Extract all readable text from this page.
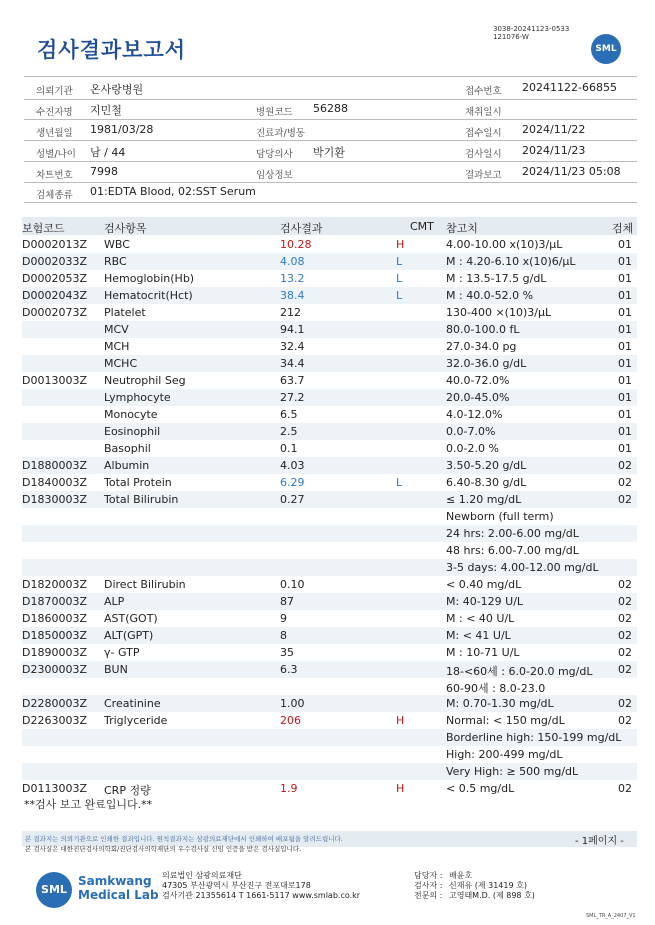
검사결과보고서
3038-20241123-0533
121076-W
SML
의뢰기관 온사랑병원	접수번호 20241122-66855
수진자명 지민철	병원코드 56288	채취일시
생년월일 1981/03/28	진료과/병동	접수일시 2024/11/22
성별/나이 남 / 44	담당의사 박기환	검사일시 2024/11/23
차트번호 7998	임상정보	결과보고 2024/11/23 05:08
검체종류 01:EDTA Blood, 02:SST Serum
보험코드	검사항목	검사결과	CMT 참고치	검체
D0002013Z WBC	10.28	H	4.00-10.00 x(10)3/μL	01
D0002033Z RBC	4.08	L	M : 4.20-6.10 x(10)6/μL	01
D0002053Z Hemoglobin(Hb)	13.2	L	M : 13.5-17.5 g/dL	01
D0002043Z Hematocrit(Hct)	38.4	L	M : 40.0-52.0 %	01
D0002073Z Platelet	212	130-400 ×(10)3/μL	01
MCV	94.1	80.0-100.0 fL	01
MCH	32.4	27.0-34.0 pg	01
MCHC	34.4	32.0-36.0 g/dL	01
D0013003Z Neutrophil Seg	63.7	40.0-72.0%	01
Lymphocyte	27.2	20.0-45.0%	01
Monocyte	6.5	4.0-12.0%	01
Eosinophil	2.5	0.0-7.0%	01
Basophil	0.1	0.0-2.0 %	01
D1880003Z Albumin	4.03	3.50-5.20 g/dL	02
D1840003Z Total Protein	6.29	L	6.40-8.30 g/dL	02
D1830003Z Total Bilirubin	0.27	≤ 1.20 mg/dL	02
Newborn (full term)
24 hrs: 2.00-6.00 mg/dL
48 hrs: 6.00-7.00 mg/dL
3-5 days: 4.00-12.00 mg/dL
D1820003Z Direct Bilirubin	0.10	< 0.40 mg/dL	02
D1870003Z ALP	87	M: 40-129 U/L	02
D1860003Z AST(GOT)	9	M : < 40 U/L	02
D1850003Z ALT(GPT)	8	M: < 41 U/L	02
D1890003Z γ- GTP	35	M : 10-71 U/L	02
D2300003Z BUN	6.3	18-<60세 : 6.0-20.0 mg/dL 02
60-90세 : 8.0-23.0
D2280003Z Creatinine	1.00	M: 0.70-1.30 mg/dL	02
D2263003Z Triglyceride	206	H	Normal: < 150 mg/dL	02
Borderline high: 150-199 mg/dL
High: 200-499 mg/dL
Very High: ≥ 500 mg/dL
D0113003Z CRP 정량	1.9	H	< 0.5 mg/dL	02
**검사 보고 완료입니다.**
본 결과지는 의뢰기관으로 인쇄한 결과입니다. 원칙결과지는 삼광의료재단에서 인쇄하여 배포됨을 알려드립니다.
본 검사실은 대한진단검사의학회/진단검사의학재단의 우수검사실 신임 인증을 받은 검사실입니다.
- 1페이지 -
SML
Samkwang
Medical Lab
의료법인 삼광의료재단
47305 부산광역시 부산진구 전포대로178
검사기관 21355614 T 1661-5117 www.smlab.co.kr
담당자 : 배윤호
검사자 : 신재유 (제 31419 호)
전문의 : 고영태M.D. (제 898 호)
SML_TR_A_2407_V1
